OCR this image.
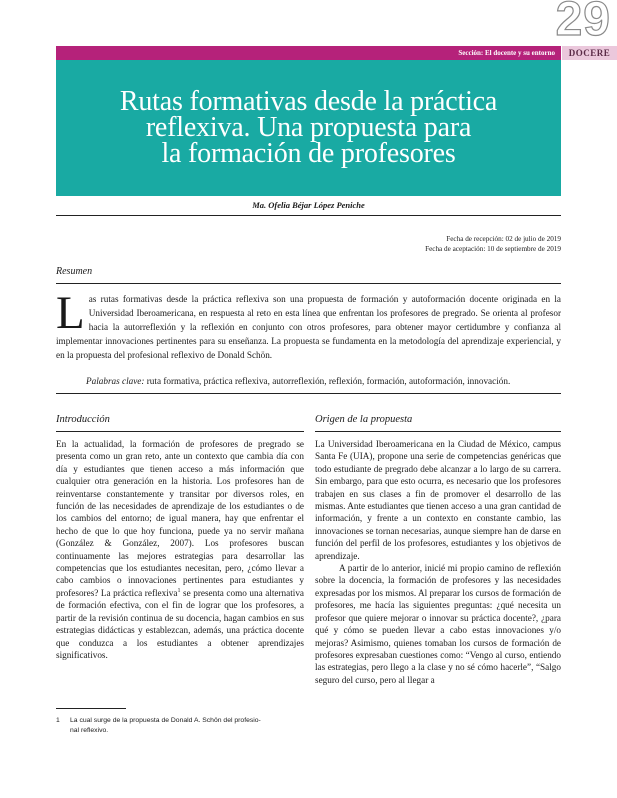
29
Sección: El docente y su entorno	DOCERE
Rutas formativas desde la práctica
reflexiva. Una propuesta para
la formación de profesores
Ma. Ofelia Béjar López Peniche
Fecha de recepción: 02 de julio de 2019
Fecha de aceptación: 10 de septiembre de 2019
Resumen
Las rutas formativas desde la práctica reflexiva son una propuesta de formación y autoformación docente originada en la Universidad Iberoamericana, en respuesta al reto en esta línea que enfrentan los profesores de pregrado. Se orienta al profesor hacia la autorreflexión y la reflexión en conjunto con otros profesores, para obtener mayor certidumbre y confianza al implementar innovaciones pertinentes para su enseñanza. La propuesta se fundamenta en la metodología del aprendizaje experiencial, y en la propuesta del profesional reflexivo de Donald Schön.
Palabras clave: ruta formativa, práctica reflexiva, autorreflexión, reflexión, formación, autoformación, innovación.
Introducción

En la actualidad, la formación de profesores de pregrado se presenta como un gran reto, ante un contexto que cambia día con día y estudiantes que tienen acceso a más información que cualquier otra generación en la historia. Los profesores han de reinventarse constantemente y transitar por diversos roles, en función de las necesidades de aprendizaje de los estudiantes o de los cambios del entorno; de igual manera, hay que enfrentar el hecho de que lo que hoy funciona, puede ya no servir mañana (González & González, 2007). Los profesores buscan continuamente las mejores estrategias para desarrollar las competencias que los estudiantes necesitan, pero, ¿cómo llevar a cabo cambios o innovaciones pertinentes para estudiantes y profesores? La práctica reflexiva$^1$ se presenta como una alternativa de formación efectiva, con el fin de lograr que los profesores, a partir de la revisión continua de su docencia, hagan cambios en sus estrategias didácticas y establezcan, además, una práctica docente que conduzca a los estudiantes a obtener aprendizajes significativos.

Origen de la propuesta

La Universidad Iberoamericana en la Ciudad de México, campus Santa Fe (UIA), propone una serie de competencias genéricas que todo estudiante de pregrado debe alcanzar a lo largo de su carrera. Sin embargo, para que esto ocurra, es necesario que los profesores trabajen en sus clases a fin de promover el desarrollo de las mismas. Ante estudiantes que tienen acceso a una gran cantidad de información, y frente a un contexto en constante cambio, las innovaciones se tornan necesarias, aunque siempre han de darse en función del perfil de los profesores, estudiantes y los objetivos de aprendizaje.

A partir de lo anterior, inicié mi propio camino de reflexión sobre la docencia, la formación de profesores y las necesidades expresadas por los mismos. Al preparar los cursos de formación de profesores, me hacía las siguientes preguntas: ¿qué necesita un profesor que quiere mejorar o innovar su práctica docente?, ¿para qué y cómo se pueden llevar a cabo estas innovaciones y/o mejoras? Asimismo, quienes tomaban los cursos de formación de profesores expresaban cuestiones como: “Vengo al curso, entiendo las estrategias, pero llego a la clase y no sé cómo hacerle”, “Salgo seguro del curso, pero al llegar a

1 La cual surge de la propuesta de Donald A. Schön del profesio-
nal reflexivo.
